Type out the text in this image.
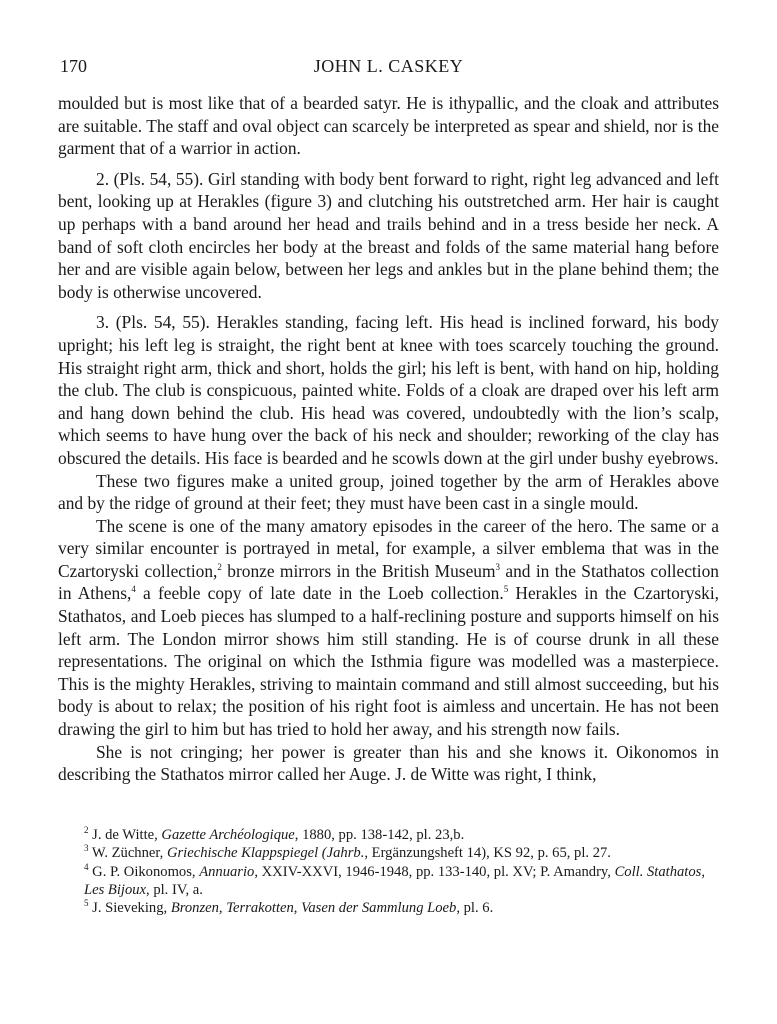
170	JOHN L. CASKEY

moulded but is most like that of a bearded satyr. He is ithypallic, and the cloak and attributes are suitable. The staff and oval object can scarcely be interpreted as spear and shield, nor is the garment that of a warrior in action.

2. (Pls. 54, 55). Girl standing with body bent forward to right, right leg advanced and left bent, looking up at Herakles (figure 3) and clutching his outstretched arm. Her hair is caught up perhaps with a band around her head and trails behind and in a tress beside her neck. A band of soft cloth encircles her body at the breast and folds of the same material hang before her and are visible again below, between her legs and ankles but in the plane behind them; the body is otherwise uncovered.

3. (Pls. 54, 55). Herakles standing, facing left. His head is inclined forward, his body upright; his left leg is straight, the right bent at knee with toes scarcely touching the ground. His straight right arm, thick and short, holds the girl; his left is bent, with hand on hip, holding the club. The club is conspicuous, painted white. Folds of a cloak are draped over his left arm and hang down behind the club. His head was covered, undoubtedly with the lion’s scalp, which seems to have hung over the back of his neck and shoulder; reworking of the clay has obscured the details. His face is bearded and he scowls down at the girl under bushy eyebrows.

These two figures make a united group, joined together by the arm of Herakles above and by the ridge of ground at their feet; they must have been cast in a single mould.

The scene is one of the many amatory episodes in the career of the hero. The same or a very similar encounter is portrayed in metal, for example, a silver emblema that was in the Czartoryski collection,$^2$ bronze mirrors in the British Museum$^3$ and in the Stathatos collection in Athens,$^4$ a feeble copy of late date in the Loeb collection.$^5$ Herakles in the Czartoryski, Stathatos, and Loeb pieces has slumped to a half-reclining posture and supports himself on his left arm. The London mirror shows him still standing. He is of course drunk in all these representations. The original on which the Isthmia figure was modelled was a masterpiece. This is the mighty Herakles, striving to maintain command and still almost succeeding, but his body is about to relax; the position of his right foot is aimless and uncertain. He has not been drawing the girl to him but has tried to hold her away, and his strength now fails.

She is not cringing; her power is greater than his and she knows it. Oikonomos in describing the Stathatos mirror called her Auge. J. de Witte was right, I think,

$^2$ J. de Witte, Gazette Archéologique, 1880, pp. 138-142, pl. 23,b.
$^3$ W. Züchner, Griechische Klappspiegel (Jahrb., Ergänzungsheft 14), KS 92, p. 65, pl. 27.
$^4$ G. P. Oikonomos, Annuario, XXIV-XXVI, 1946-1948, pp. 133-140, pl. XV; P. Amandry, Coll. Stathatos, Les Bijoux, pl. IV, a.
$^5$ J. Sieveking, Bronzen, Terrakotten, Vasen der Sammlung Loeb, pl. 6.
